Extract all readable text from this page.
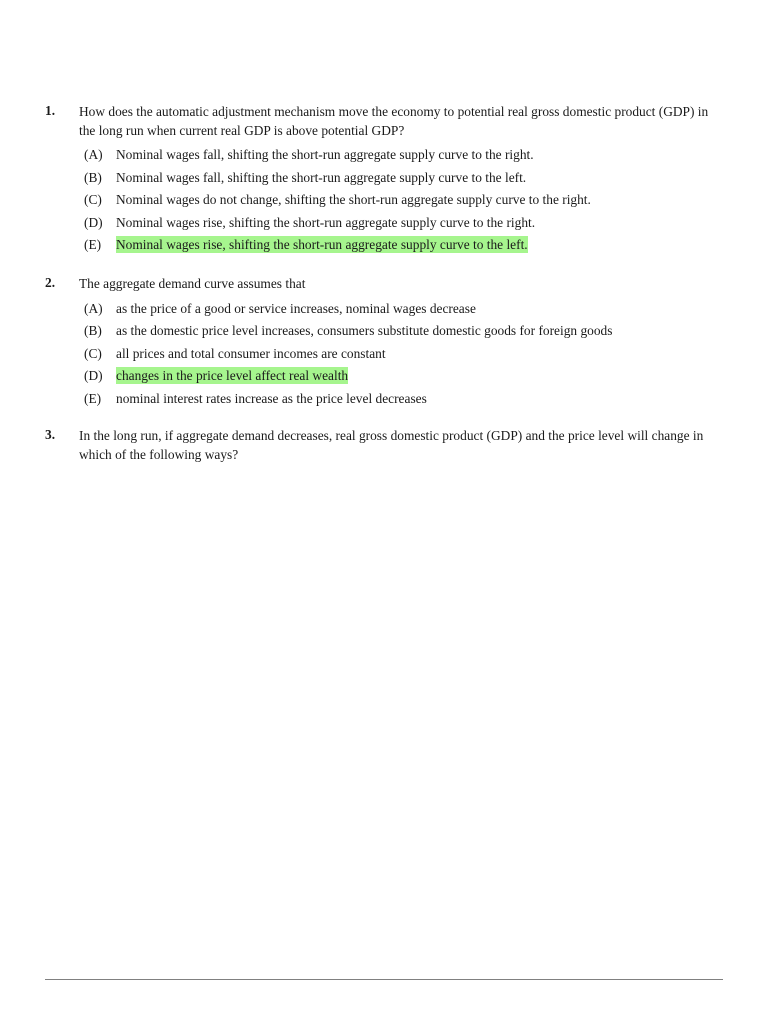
1. How does the automatic adjustment mechanism move the economy to potential real gross domestic product (GDP) in the long run when current real GDP is above potential GDP?
(A) Nominal wages fall, shifting the short-run aggregate supply curve to the right.
(B) Nominal wages fall, shifting the short-run aggregate supply curve to the left.
(C) Nominal wages do not change, shifting the short-run aggregate supply curve to the right.
(D) Nominal wages rise, shifting the short-run aggregate supply curve to the right.
(E) Nominal wages rise, shifting the short-run aggregate supply curve to the left.
2. The aggregate demand curve assumes that
(A) as the price of a good or service increases, nominal wages decrease
(B) as the domestic price level increases, consumers substitute domestic goods for foreign goods
(C) all prices and total consumer incomes are constant
(D) changes in the price level affect real wealth
(E) nominal interest rates increase as the price level decreases
3. In the long run, if aggregate demand decreases, real gross domestic product (GDP) and the price level will change in which of the following ways?
